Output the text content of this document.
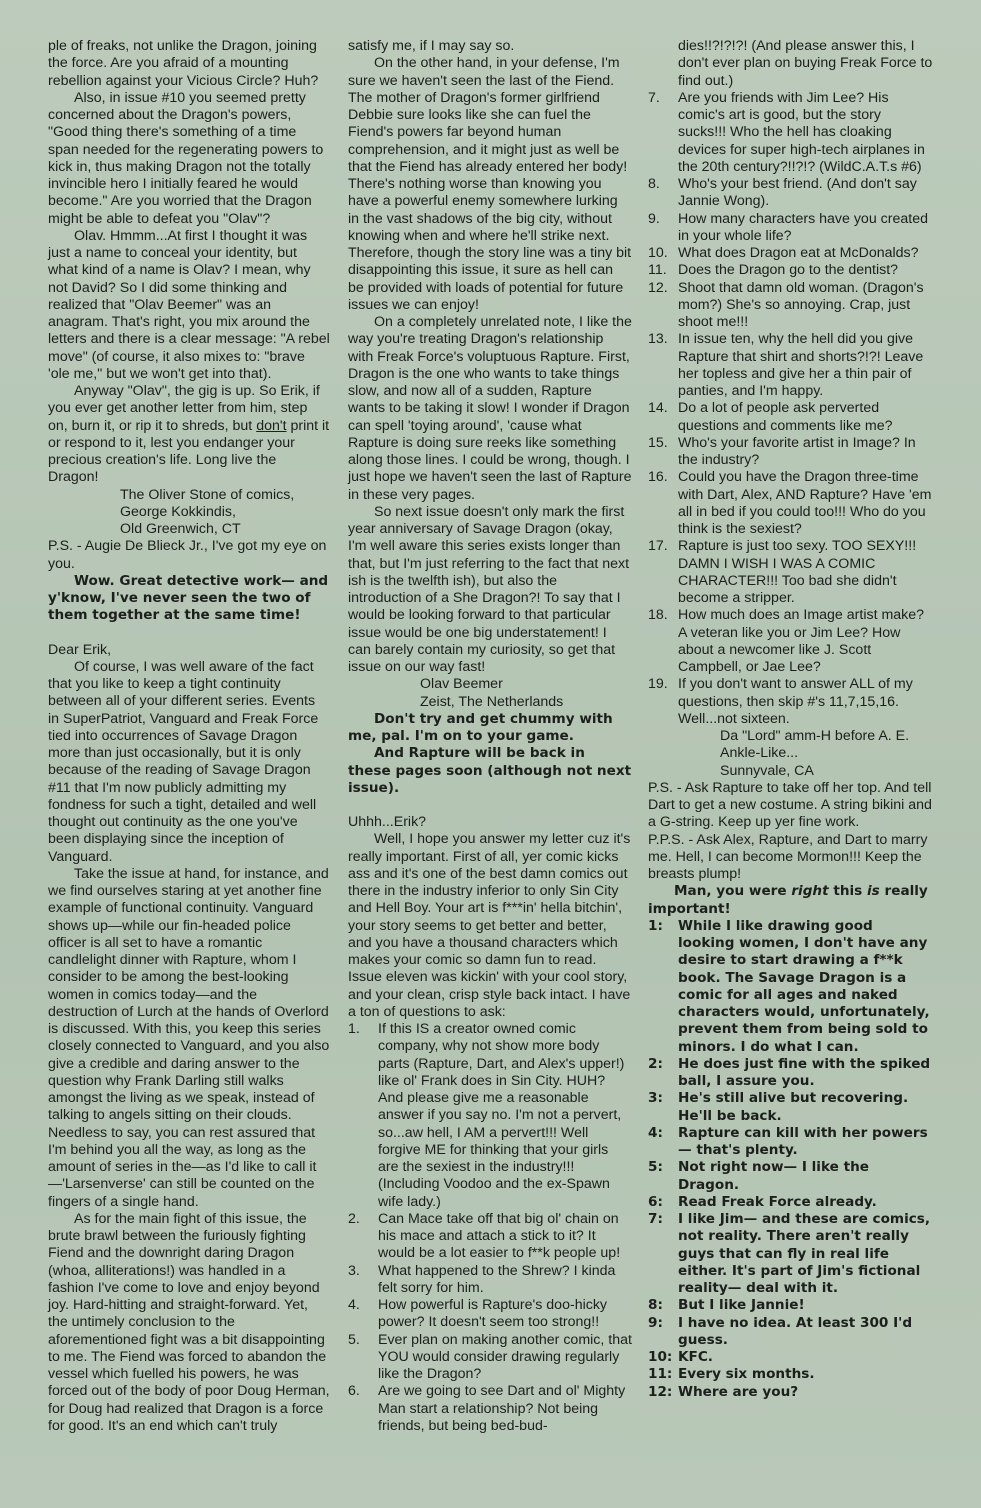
ple of freaks, not unlike the Dragon, joining the force. Are you afraid of a mounting rebellion against your Vicious Circle? Huh?

Also, in issue #10 you seemed pretty concerned about the Dragon's powers, "Good thing there's something of a time span needed for the regenerating powers to kick in, thus making Dragon not the totally invincible hero I initially feared he would become." Are you worried that the Dragon might be able to defeat you "Olav"?

Olav. Hmmm...At first I thought it was just a name to conceal your identity, but what kind of a name is Olav? I mean, why not David? So I did some thinking and realized that "Olav Beemer" was an anagram. That's right, you mix around the letters and there is a clear message: "A rebel move" (of course, it also mixes to: "brave 'ole me," but we won't get into that).

Anyway "Olav", the gig is up. So Erik, if you ever get another letter from him, step on, burn it, or rip it to shreds, but don't print it or respond to it, lest you endanger your precious creation's life. Long live the Dragon!

The Oliver Stone of comics,

George Kokkindis,

Old Greenwich, CT

P.S. - Augie De Blieck Jr., I've got my eye on you.

Wow. Great detective work— and y'know, I've never seen the two of them together at the same time!

Dear Erik,

Of course, I was well aware of the fact that you like to keep a tight continuity between all of your different series. Events in SuperPatriot, Vanguard and Freak Force tied into occurrences of Savage Dragon more than just occasionally, but it is only because of the reading of Savage Dragon #11 that I'm now publicly admitting my fondness for such a tight, detailed and well thought out continuity as the one you've been displaying since the inception of Vanguard.

Take the issue at hand, for instance, and we find ourselves staring at yet another fine example of functional continuity. Vanguard shows up—while our fin-headed police officer is all set to have a romantic candlelight dinner with Rapture, whom I consider to be among the best-looking women in comics today—and the destruction of Lurch at the hands of Overlord is discussed. With this, you keep this series closely connected to Vanguard, and you also give a credible and daring answer to the question why Frank Darling still walks amongst the living as we speak, instead of talking to angels sitting on their clouds. Needless to say, you can rest assured that I'm behind you all the way, as long as the amount of series in the—as I'd like to call it—'Larsenverse' can still be counted on the fingers of a single hand.

As for the main fight of this issue, the brute brawl between the furiously fighting Fiend and the downright daring Dragon (whoa, alliterations!) was handled in a fashion I've come to love and enjoy beyond joy. Hard-hitting and straight-forward. Yet, the untimely conclusion to the aforementioned fight was a bit disappointing to me. The Fiend was forced to abandon the vessel which fuelled his powers, he was forced out of the body of poor Doug Herman, for Doug had realized that Dragon is a force for good. It's an end which can't truly

satisfy me, if I may say so.

On the other hand, in your defense, I'm sure we haven't seen the last of the Fiend. The mother of Dragon's former girlfriend Debbie sure looks like she can fuel the Fiend's powers far beyond human comprehension, and it might just as well be that the Fiend has already entered her body! There's nothing worse than knowing you have a powerful enemy somewhere lurking in the vast shadows of the big city, without knowing when and where he'll strike next. Therefore, though the story line was a tiny bit disappointing this issue, it sure as hell can be provided with loads of potential for future issues we can enjoy!

On a completely unrelated note, I like the way you're treating Dragon's relationship with Freak Force's voluptuous Rapture. First, Dragon is the one who wants to take things slow, and now all of a sudden, Rapture wants to be taking it slow! I wonder if Dragon can spell 'toying around', 'cause what Rapture is doing sure reeks like something along those lines. I could be wrong, though. I just hope we haven't seen the last of Rapture in these very pages.

So next issue doesn't only mark the first year anniversary of Savage Dragon (okay, I'm well aware this series exists longer than that, but I'm just referring to the fact that next ish is the twelfth ish), but also the introduction of a She Dragon?! To say that I would be looking forward to that particular issue would be one big understatement! I can barely contain my curiosity, so get that issue on our way fast!

Olav Beemer

Zeist, The Netherlands

Don't try and get chummy with me, pal. I'm on to your game.

And Rapture will be back in these pages soon (although not next issue).

Uhhh...Erik?

Well, I hope you answer my letter cuz it's really important. First of all, yer comic kicks ass and it's one of the best damn comics out there in the industry inferior to only Sin City and Hell Boy. Your art is f***in' hella bitchin', your story seems to get better and better, and you have a thousand characters which makes your comic so damn fun to read. Issue eleven was kickin' with your cool story, and your clean, crisp style back intact. I have a ton of questions to ask:

1.	If this IS a creator owned comic company, why not show more body parts (Rapture, Dart, and Alex's upper!) like ol' Frank does in Sin City. HUH? And please give me a reasonable answer if you say no. I'm not a pervert, so...aw hell, I AM a pervert!!! Well forgive ME for thinking that your girls are the sexiest in the industry!!! (Including Voodoo and the ex-Spawn wife lady.)
2.	Can Mace take off that big ol' chain on his mace and attach a stick to it? It would be a lot easier to f**k people up!
3.	What happened to the Shrew? I kinda felt sorry for him.
4.	How powerful is Rapture's doo-hicky power? It doesn't seem too strong!!
5.	Ever plan on making another comic, that YOU would consider drawing regularly like the Dragon?
6.	Are we going to see Dart and ol' Mighty Man start a relationship? Not being friends, but being bed-bud-

dies!!?!?!?! (And please answer this, I don't ever plan on buying Freak Force to find out.)

7.	Are you friends with Jim Lee? His comic's art is good, but the story sucks!!! Who the hell has cloaking devices for super high-tech airplanes in the 20th century?!!?!? (WildC.A.T.s #6)
8.	Who's your best friend. (And don't say Jannie Wong).
9.	How many characters have you created in your whole life?
10. What does Dragon eat at McDonalds?
11. Does the Dragon go to the dentist?
12. Shoot that damn old woman. (Dragon's mom?) She's so annoying. Crap, just shoot me!!!
13. In issue ten, why the hell did you give Rapture that shirt and shorts?!?! Leave her topless and give her a thin pair of panties, and I'm happy.
14. Do a lot of people ask perverted questions and comments like me?
15. Who's your favorite artist in Image? In the industry?
16. Could you have the Dragon three-time with Dart, Alex, AND Rapture? Have 'em all in bed if you could too!!! Who do you think is the sexiest?
17. Rapture is just too sexy. TOO SEXY!!! DAMN I WISH I WAS A COMIC CHARACTER!!! Too bad she didn't become a stripper.
18. How much does an Image artist make? A veteran like you or Jim Lee? How about a newcomer like J. Scott Campbell, or Jae Lee?
19. If you don't want to answer ALL of my questions, then skip #'s 11,7,15,16. Well...not sixteen.

Da "Lord" amm-H before A. E.

Ankle-Like...

Sunnyvale, CA

P.S. - Ask Rapture to take off her top. And tell Dart to get a new costume. A string bikini and a G-string. Keep up yer fine work.

P.P.S. - Ask Alex, Rapture, and Dart to marry me. Hell, I can become Mormon!!! Keep the breasts plump!

Man, you were right this is really important!

1:	While I like drawing good looking women, I don't have any desire to start drawing a f**k book. The Savage Dragon is a comic for all ages and naked characters would, unfortunately, prevent them from being sold to minors. I do what I can.
2:	He does just fine with the spiked ball, I assure you.
3:	He's still alive but recovering. He'll be back.
4:	Rapture can kill with her powers— that's plenty.
5:	Not right now— I like the Dragon.
6:	Read Freak Force already.
7:	I like Jim— and these are comics, not reality. There aren't really guys that can fly in real life either. It's part of Jim's fictional reality— deal with it.
8:	But I like Jannie!
9:	I have no idea. At least 300 I'd guess.
10: KFC.
11: Every six months.
12: Where are you?
